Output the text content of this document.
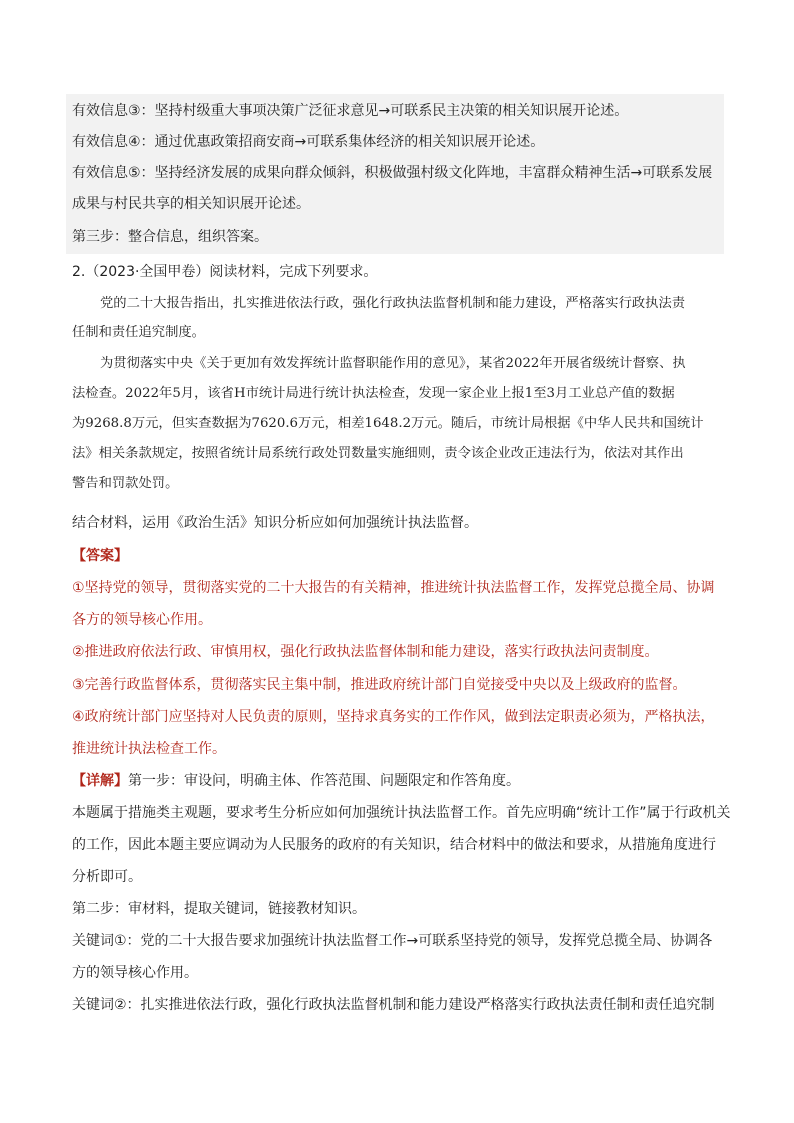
有效信息③：坚持村级重大事项决策广泛征求意见→可联系民主决策的相关知识展开论述。
有效信息④：通过优惠政策招商安商→可联系集体经济的相关知识展开论述。
有效信息⑤：坚持经济发展的成果向群众倾斜，积极做强村级文化阵地，丰富群众精神生活→可联系发展
成果与村民共享的相关知识展开论述。
第三步：整合信息，组织答案。
2.（2023·全国甲卷）阅读材料，完成下列要求。
党的二十大报告指出，扎实推进依法行政，强化行政执法监督机制和能力建设，严格落实行政执法责
任制和责任追究制度。
为贯彻落实中央《关于更加有效发挥统计监督职能作用的意见》，某省2022年开展省级统计督察、执
法检查。2022年5月，该省H市统计局进行统计执法检查，发现一家企业上报1至3月工业总产值的数据
为9268.8万元，但实查数据为7620.6万元，相差1648.2万元。随后，市统计局根据《中华人民共和国统计
法》相关条款规定，按照省统计局系统行政处罚数量实施细则，责令该企业改正违法行为，依法对其作出
警告和罚款处罚。
结合材料，运用《政治生活》知识分析应如何加强统计执法监督。
【答案】
①坚持党的领导，贯彻落实党的二十大报告的有关精神，推进统计执法监督工作，发挥党总揽全局、协调
各方的领导核心作用。
②推进政府依法行政、审慎用权，强化行政执法监督体制和能力建设，落实行政执法问责制度。
③完善行政监督体系，贯彻落实民主集中制，推进政府统计部门自觉接受中央以及上级政府的监督。
④政府统计部门应坚持对人民负责的原则，坚持求真务实的工作作风，做到法定职责必须为，严格执法，
推进统计执法检查工作。
【详解】第一步：审设问，明确主体、作答范围、问题限定和作答角度。
本题属于措施类主观题，要求考生分析应如何加强统计执法监督工作。首先应明确“统计工作”属于行政机关
的工作，因此本题主要应调动为人民服务的政府的有关知识，结合材料中的做法和要求，从措施角度进行
分析即可。
第二步：审材料，提取关键词，链接教材知识。
关键词①：党的二十大报告要求加强统计执法监督工作→可联系坚持党的领导，发挥党总揽全局、协调各
方的领导核心作用。
关键词②：扎实推进依法行政，强化行政执法监督机制和能力建设严格落实行政执法责任制和责任追究制
